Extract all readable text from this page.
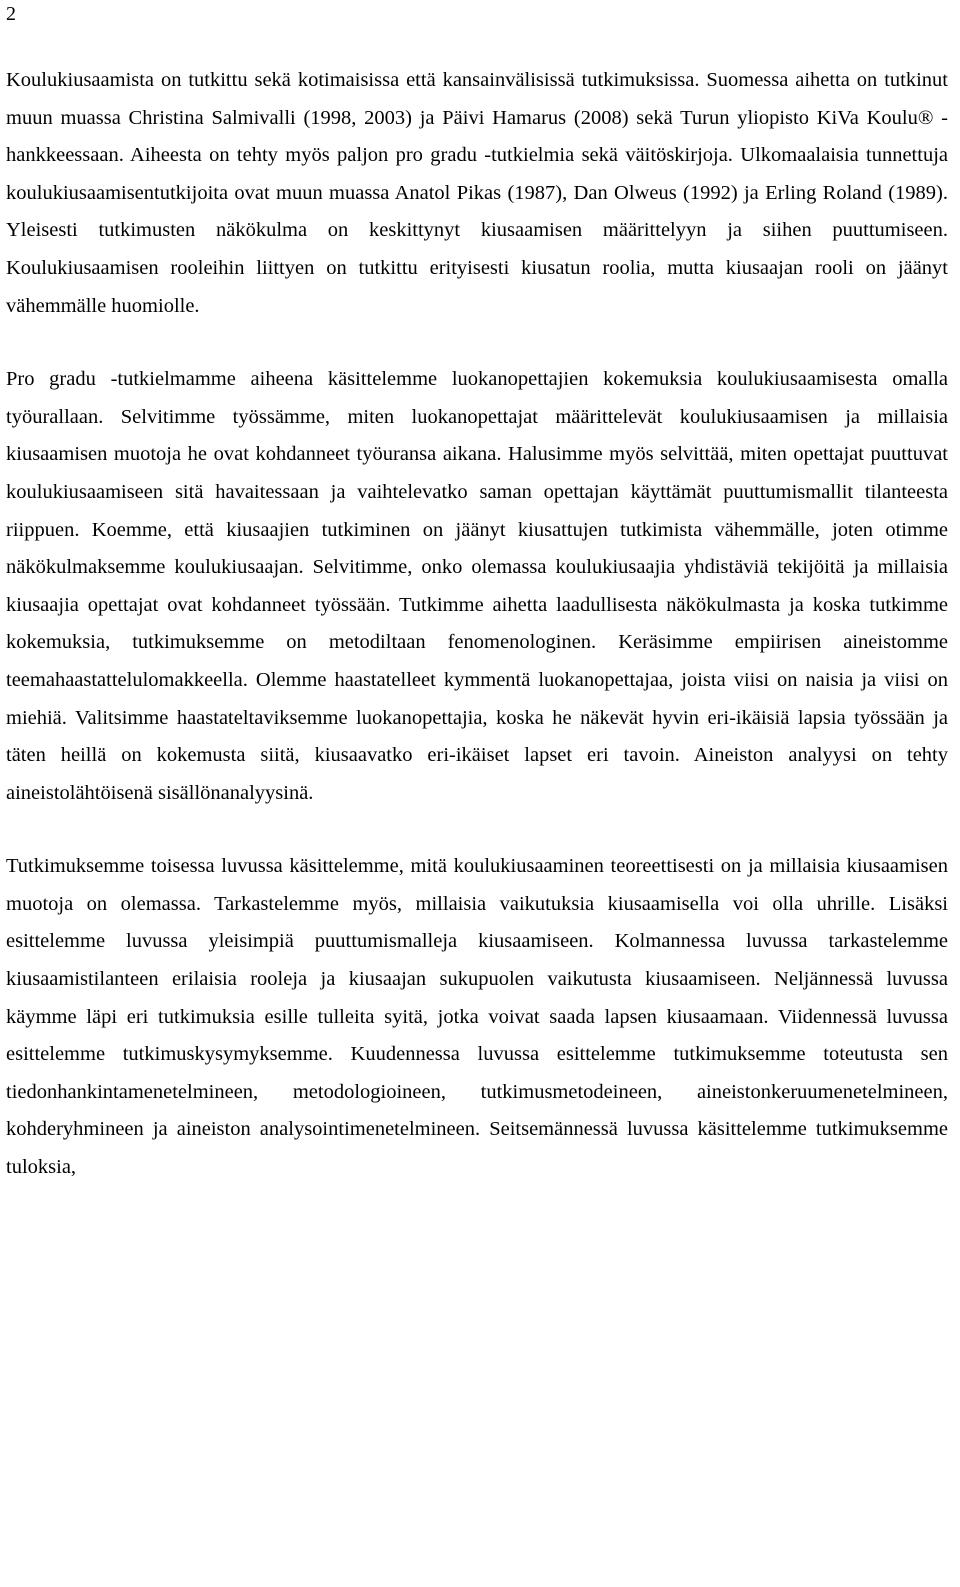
2

Koulukiusaamista on tutkittu sekä kotimaisissa että kansainvälisissä tutkimuksissa. Suomessa aihetta on tutkinut muun muassa Christina Salmivalli (1998, 2003) ja Päivi Hamarus (2008) sekä Turun yliopisto KiVa Koulu® -hankkeessaan. Aiheesta on tehty myös paljon pro gradu -tutkielmia sekä väitöskirjoja. Ulkomaalaisia tunnettuja koulukiusaamisentutkijoita ovat muun muassa Anatol Pikas (1987), Dan Olweus (1992) ja Erling Roland (1989). Yleisesti tutkimusten näkökulma on keskittynyt kiusaamisen määrittelyyn ja siihen puuttumiseen. Koulukiusaamisen rooleihin liittyen on tutkittu erityisesti kiusatun roolia, mutta kiusaajan rooli on jäänyt vähemmälle huomiolle.

Pro gradu -tutkielmamme aiheena käsittelemme luokanopettajien kokemuksia koulukiusaamisesta omalla työurallaan. Selvitimme työssämme, miten luokanopettajat määrittelevät koulukiusaamisen ja millaisia kiusaamisen muotoja he ovat kohdanneet työuransa aikana. Halusimme myös selvittää, miten opettajat puuttuvat koulukiusaamiseen sitä havaitessaan ja vaihtelevatko saman opettajan käyttämät puuttumismallit tilanteesta riippuen. Koemme, että kiusaajien tutkiminen on jäänyt kiusattujen tutkimista vähemmälle, joten otimme näkökulmaksemme koulukiusaajan. Selvitimme, onko olemassa koulukiusaajia yhdistäviä tekijöitä ja millaisia kiusaajia opettajat ovat kohdanneet työssään. Tutkimme aihetta laadullisesta näkökulmasta ja koska tutkimme kokemuksia, tutkimuksemme on metodiltaan fenomenologinen. Keräsimme empiirisen aineistomme teemahaastattelulomakkeella. Olemme haastatelleet kymmentä luokanopettajaa, joista viisi on naisia ja viisi on miehiä. Valitsimme haastateltaviksemme luokanopettajia, koska he näkevät hyvin eri-ikäisiä lapsia työssään ja täten heillä on kokemusta siitä, kiusaavatko eri-ikäiset lapset eri tavoin. Aineiston analyysi on tehty aineistolähtöisenä sisällönanalyysinä.

Tutkimuksemme toisessa luvussa käsittelemme, mitä koulukiusaaminen teoreettisesti on ja millaisia kiusaamisen muotoja on olemassa. Tarkastelemme myös, millaisia vaikutuksia kiusaamisella voi olla uhrille. Lisäksi esittelemme luvussa yleisimpiä puuttumismalleja kiusaamiseen. Kolmannessa luvussa tarkastelemme kiusaamistilanteen erilaisia rooleja ja kiusaajan sukupuolen vaikutusta kiusaamiseen. Neljännessä luvussa käymme läpi eri tutkimuksia esille tulleita syitä, jotka voivat saada lapsen kiusaamaan. Viidennessä luvussa esittelemme tutkimuskysymyksemme. Kuudennessa luvussa esittelemme tutkimuksemme toteutusta sen tiedonhankintamenetelmineen, metodologioineen, tutkimusmetodeineen, aineistonkeruumenetelmineen, kohderyhmineen ja aineiston analysointimenetelmineen. Seitsemännessä luvussa käsittelemme tutkimuksemme tuloksia,
